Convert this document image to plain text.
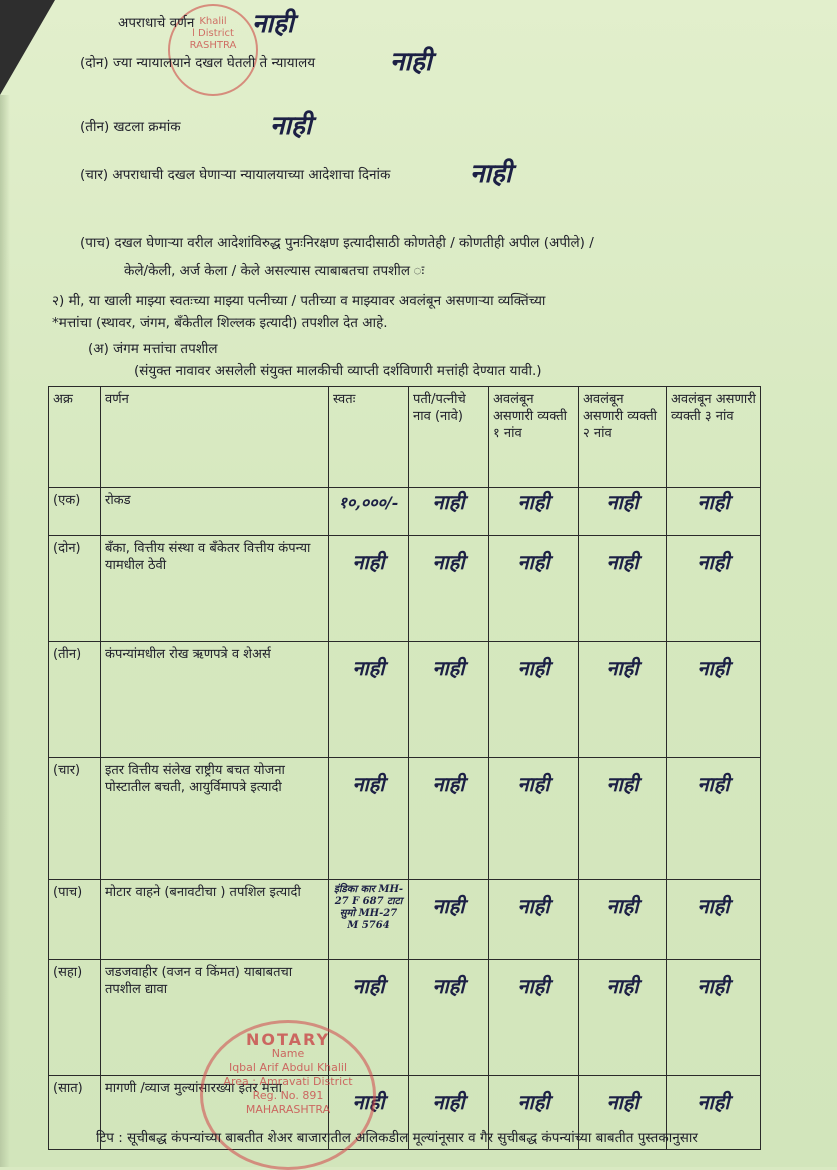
Khalil
l District
RASHTRA
अपराधाचे वर्णन नाही
(दोन) ज्या न्यायालयाने दखल घेतली ते न्यायालय	नाही
(तीन) खटला क्रमांक	नाही
(चार) अपराधाची दखल घेणाऱ्या न्यायालयाच्या आदेशाचा दिनांक	नाही
(पाच) दखल घेणाऱ्या वरील आदेशांविरुद्ध पुनःनिरक्षण इत्यादीसाठी कोणतेही / कोणतीही अपील (अपीले) /
केले/केली, अर्ज केला / केले असल्यास त्याबाबतचा तपशील ः
२) मी, या खाली माझ्या स्वतःच्या माझ्या पत्नीच्या / पतीच्या व माझ्यावर अवलंबून असणाऱ्या व्यक्तिंच्या
*मत्तांचा (स्थावर, जंगम, बँकेतील शिल्लक इत्यादी) तपशील देत आहे.
(अ) जंगम मत्तांचा तपशील
(संयुक्त नावावर असलेली संयुक्त मालकीची व्याप्ती दर्शविणारी मत्तांही देण्यात यावी.)
अक्र	वर्णन	स्वतः	पती/पत्नीचे नाव (नावे)	अवलंबून असणारी व्यक्ती १ नांव	अवलंबून असणारी व्यक्ती २ नांव	अवलंबून असणारी व्यक्ती ३ नांव
(एक)	रोकड	१०,०००/-	नाही	नाही	नाही	नाही

(दोन)	बँका, वित्तीय संस्था व बँकेतर वित्तीय कंपन्या यामधील ठेवी	नाही	नाही	नाही	नाही	नाही

(तीन)	कंपन्यांमधील रोख ऋणपत्रे व शेअर्स	नाही	नाही	नाही	नाही	नाही

(चार)	इतर वित्तीय संलेख राष्ट्रीय बचत योजना पोस्टातील बचती, आयुर्विमापत्रे इत्यादी	नाही	नाही	नाही	नाही	नाही

(पाच)	मोटार वाहने (बनावटीचा ) तपशिल इत्यादी	इंडिका कार MH-27 F 687 टाटा सुमो MH-27 M 5764	नाही	नाही	नाही	नाही

(सहा)	जडजवाहीर (वजन व किंमत) याबाबतचा तपशील द्यावा	नाही	नाही	नाही	नाही	नाही

(सात)	मागणी /व्याज मुल्यांसारख्या इतर मत्ता	नाही	नाही	नाही	नाही	नाही
NOTARY
Name
Iqbal Arif Abdul Khalil
Area : Amravati District
Reg. No. 891
MAHARASHTRA
टिप : सूचीबद्ध कंपन्यांच्या बाबतीत शेअर बाजारातील अलिकडील मूल्यांनूसार व गैर सुचीबद्ध कंपन्यांच्या बाबतीत पुस्तकानुसार
